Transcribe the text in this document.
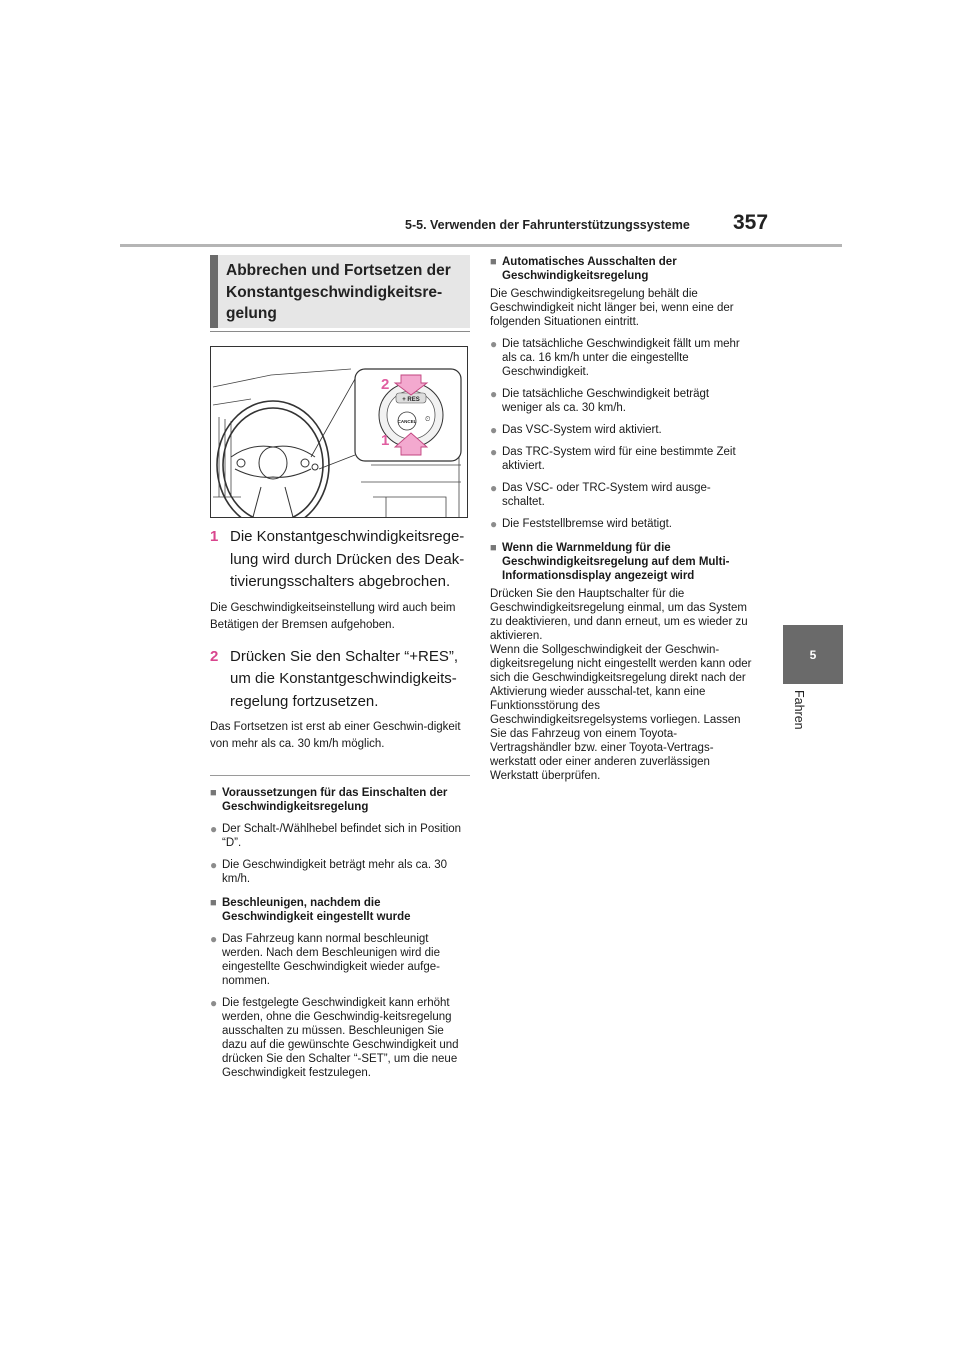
5-5. Verwenden der Fahrunterstützungssysteme 357
5
Fahren
Abbrechen und Fortsetzen der
Konstantgeschwindigkeitsre-
gelung
+ RES
CANCEL ⏲
2
1
1 Die Konstantgeschwindigkeitsrege-lung wird durch Drücken des Deak-tivierungsschalters abgebrochen.
Die Geschwindigkeitseinstellung wird auch beim Betätigen der Bremsen aufgehoben.
2 Drücken Sie den Schalter “+RES”, um die Konstantgeschwindigkeits-regelung fortzusetzen.
Das Fortsetzen ist erst ab einer Geschwin-digkeit von mehr als ca. 30 km/h möglich.
■ Voraussetzungen für das Einschalten der Geschwindigkeitsregelung
● Der Schalt-/Wählhebel befindet sich in Position “D”.
● Die Geschwindigkeit beträgt mehr als ca. 30 km/h.
■ Beschleunigen, nachdem die Geschwindigkeit eingestellt wurde
● Das Fahrzeug kann normal beschleunigt werden. Nach dem Beschleunigen wird die eingestellte Geschwindigkeit wieder aufge-nommen.
● Die festgelegte Geschwindigkeit kann erhöht werden, ohne die Geschwindig-keitsregelung ausschalten zu müssen. Beschleunigen Sie dazu auf die gewünschte Geschwindigkeit und drücken Sie den Schalter “-SET”, um die neue Geschwindigkeit festzulegen.
■ Automatisches Ausschalten der Geschwindigkeitsregelung
Die Geschwindigkeitsregelung behält die Geschwindigkeit nicht länger bei, wenn eine der folgenden Situationen eintritt.
● Die tatsächliche Geschwindigkeit fällt um mehr als ca. 16 km/h unter die eingestellte Geschwindigkeit.
● Die tatsächliche Geschwindigkeit beträgt weniger als ca. 30 km/h.
● Das VSC-System wird aktiviert.
● Das TRC-System wird für eine bestimmte Zeit aktiviert.
● Das VSC- oder TRC-System wird ausge-schaltet.
● Die Feststellbremse wird betätigt.
■ Wenn die Warnmeldung für die Geschwindigkeitsregelung auf dem Multi-Informationsdisplay angezeigt wird
Drücken Sie den Hauptschalter für die Geschwindigkeitsregelung einmal, um das System zu deaktivieren, und dann erneut, um es wieder zu aktivieren.
Wenn die Sollgeschwindigkeit der Geschwin-digkeitsregelung nicht eingestellt werden kann oder sich die Geschwindigkeitsregelung direkt nach der Aktivierung wieder ausschal-tet, kann eine Funktionsstörung des Geschwindigkeitsregelsystems vorliegen. Lassen Sie das Fahrzeug von einem Toyota-Vertragshändler bzw. einer Toyota-Vertrags-werkstatt oder einer anderen zuverlässigen Werkstatt überprüfen.
